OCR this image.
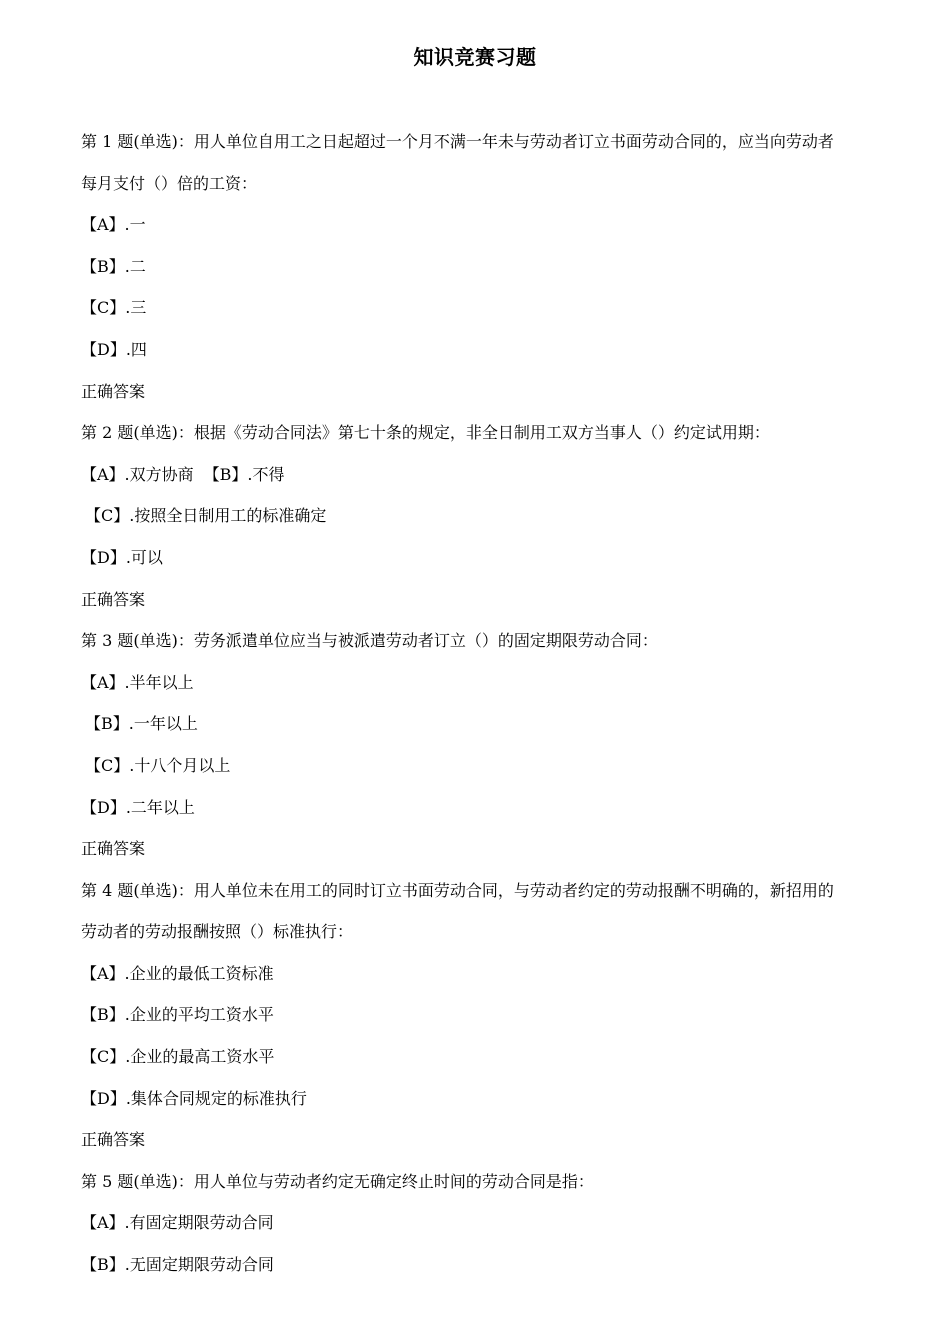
知识竞赛习题
第 1 题(单选)：用人单位自用工之日起超过一个月不满一年未与劳动者订立书面劳动合同的，应当向劳动者
每月支付（）倍的工资：
【A】.一
【B】.二
【C】.三
【D】.四
正确答案
第 2 题(单选)：根据《劳动合同法》第七十条的规定，非全日制用工双方当事人（）约定试用期：
【A】.双方协商 【B】.不得
【C】.按照全日制用工的标准确定
【D】.可以
正确答案
第 3 题(单选)：劳务派遣单位应当与被派遣劳动者订立（）的固定期限劳动合同：
【A】.半年以上
【B】.一年以上
【C】.十八个月以上
【D】.二年以上
正确答案
第 4 题(单选)：用人单位未在用工的同时订立书面劳动合同，与劳动者约定的劳动报酬不明确的，新招用的
劳动者的劳动报酬按照（）标准执行：
【A】.企业的最低工资标准
【B】.企业的平均工资水平
【C】.企业的最高工资水平
【D】.集体合同规定的标准执行
正确答案
第 5 题(单选)：用人单位与劳动者约定无确定终止时间的劳动合同是指：
【A】.有固定期限劳动合同
【B】.无固定期限劳动合同
